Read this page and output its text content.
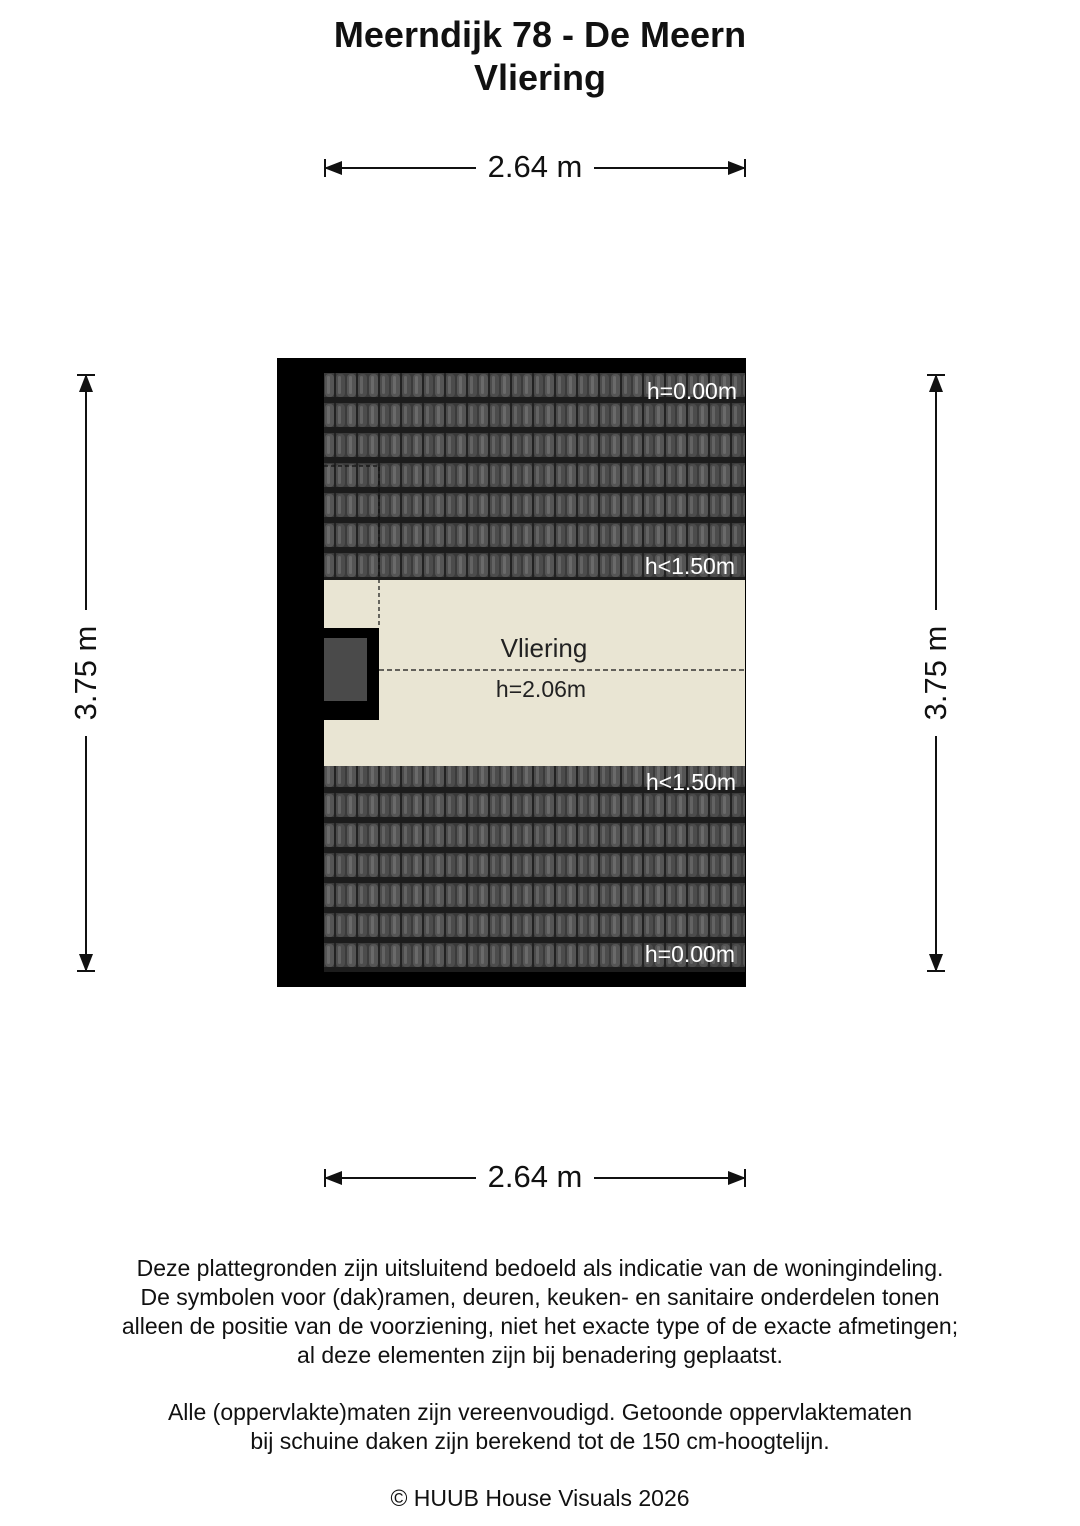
Meerndijk 78 - De Meern
Vliering
2.64 m
3.75 m	3.75 m
h=0.00m
h<1.50m
Vliering
h=2.06m
h<1.50m
h=0.00m
2.64 m
Deze plattegronden zijn uitsluitend bedoeld als indicatie van de woningindeling.
De symbolen voor (dak)ramen, deuren, keuken- en sanitaire onderdelen tonen
alleen de positie van de voorziening, niet het exacte type of de exacte afmetingen;
al deze elementen zijn bij benadering geplaatst.
Alle (oppervlakte)maten zijn vereenvoudigd. Getoonde oppervlaktematen
bij schuine daken zijn berekend tot de 150 cm-hoogtelijn.
© HUUB House Visuals 2026
